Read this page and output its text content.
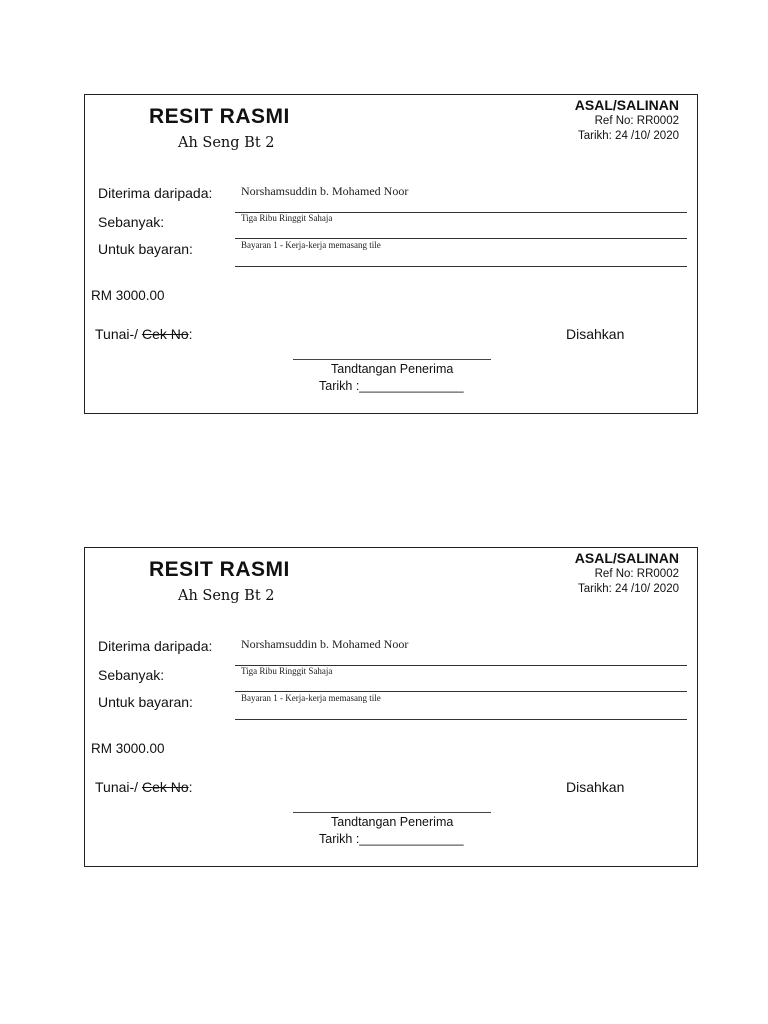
RESIT RASMI
Ah Seng Bt 2
ASAL/SALINAN
Ref No: RR0002
Tarikh: 24 /10/ 2020
Diterima daripada: Norshamsuddin b. Mohamed Noor
Sebanyak:	Tiga Ribu Ringgit Sahaja
Untuk bayaran:	Bayaran 1 - Kerja-kerja memasang tile
RM 3000.00
Tunai-/ Cek No:	Disahkan
Tandtangan Penerima
Tarikh :_______________
RESIT RASMI
Ah Seng Bt 2
ASAL/SALINAN
Ref No: RR0002
Tarikh: 24 /10/ 2020
Diterima daripada: Norshamsuddin b. Mohamed Noor
Sebanyak:	Tiga Ribu Ringgit Sahaja
Untuk bayaran:	Bayaran 1 - Kerja-kerja memasang tile
RM 3000.00
Tunai-/ Cek No:	Disahkan
Tandtangan Penerima
Tarikh :_______________
